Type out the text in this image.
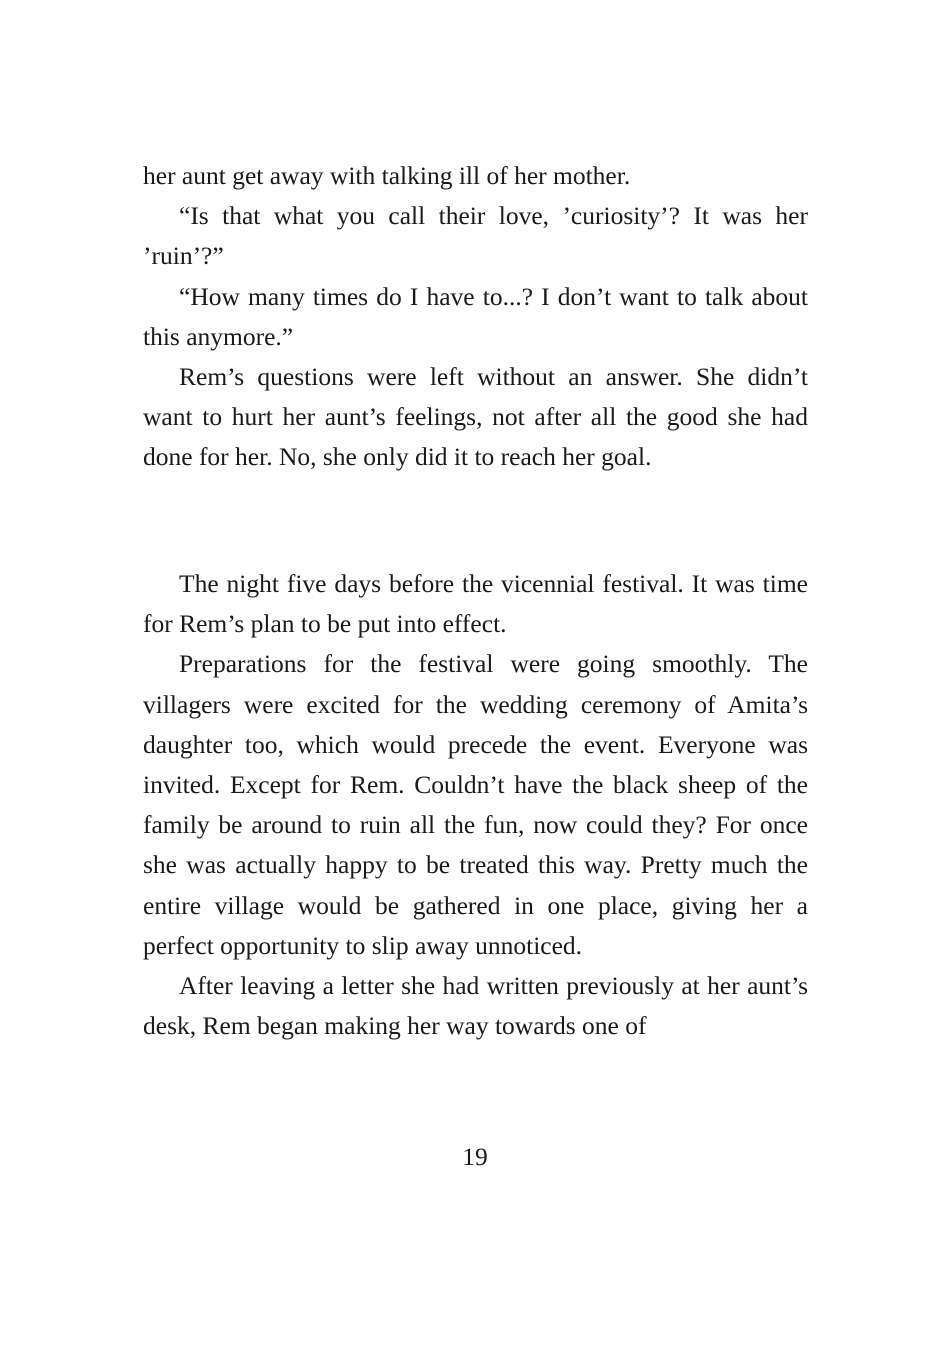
her aunt get away with talking ill of her mother.

“Is that what you call their love, ’curiosity’? It was her ’ruin’?”

“How many times do I have to...? I don’t want to talk about this anymore.”

Rem’s questions were left without an answer. She didn’t want to hurt her aunt’s feelings, not after all the good she had done for her. No, she only did it to reach her goal.

The night five days before the vicennial festival. It was time for Rem’s plan to be put into effect.

Preparations for the festival were going smoothly. The villagers were excited for the wedding ceremony of Amita’s daughter too, which would precede the event. Everyone was invited. Except for Rem. Couldn’t have the black sheep of the family be around to ruin all the fun, now could they? For once she was actually happy to be treated this way. Pretty much the entire village would be gathered in one place, giving her a perfect opportunity to slip away unnoticed.

After leaving a letter she had written previously at her aunt’s desk, Rem began making her way towards one of

19
